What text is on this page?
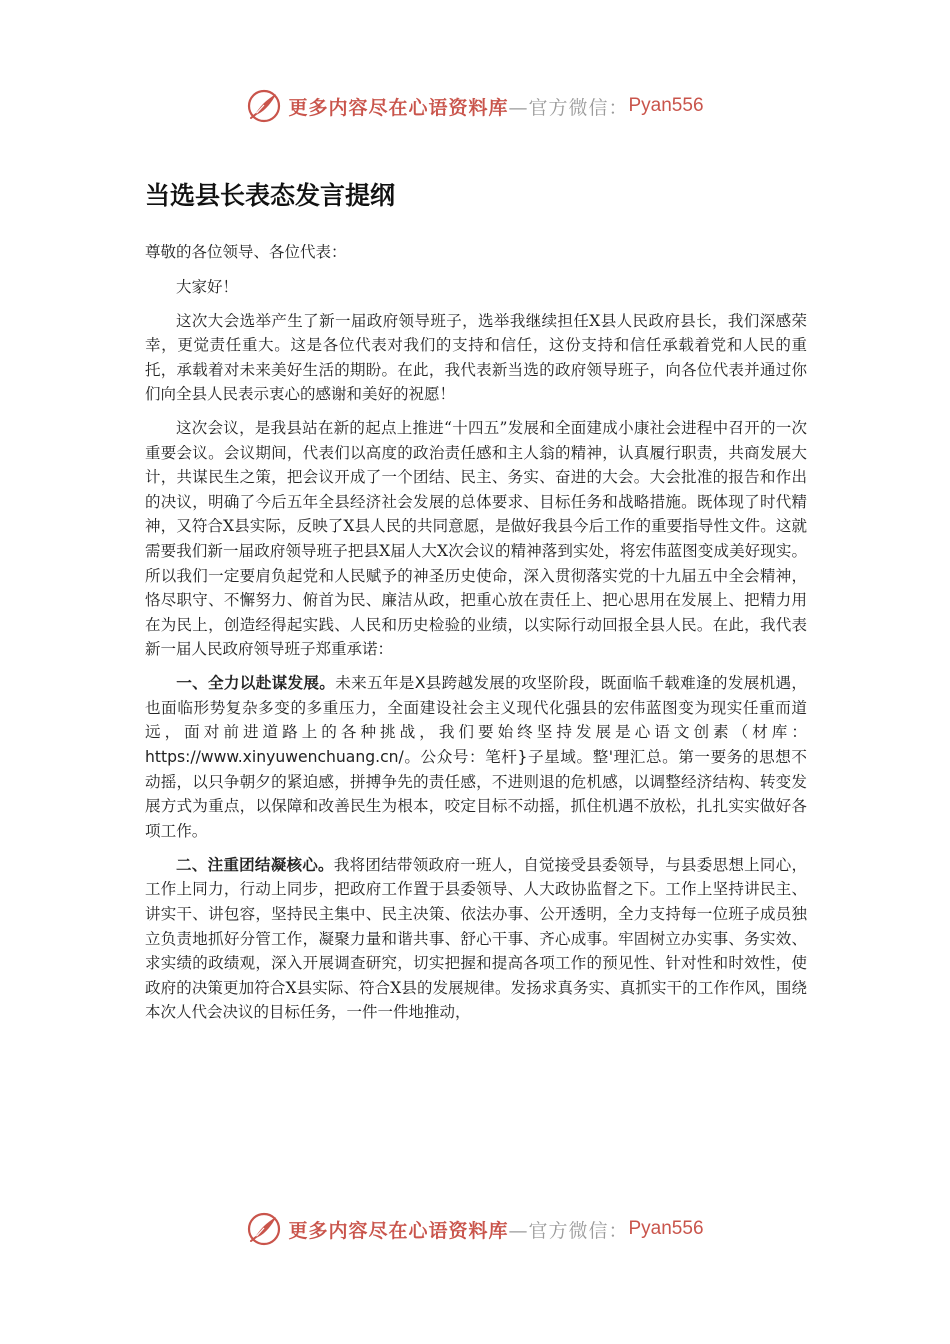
更多内容尽在心语资料库 —官方微信： Pyan556
当选县长表态发言提纲
尊敬的各位领导、各位代表：

大家好！

这次大会选举产生了新一届政府领导班子，选举我继续担任X县人民政府县长，我们深感荣幸，更觉责任重大。这是各位代表对我们的支持和信任，这份支持和信任承载着党和人民的重托，承载着对未来美好生活的期盼。在此，我代表新当选的政府领导班子，向各位代表并通过你们向全县人民表示衷心的感谢和美好的祝愿！

这次会议，是我县站在新的起点上推进“十四五”发展和全面建成小康社会进程中召开的一次重要会议。会议期间，代表们以高度的政治责任感和主人翁的精神，认真履行职责，共商发展大计，共谋民生之策，把会议开成了一个团结、民主、务实、奋进的大会。大会批准的报告和作出的决议，明确了今后五年全县经济社会发展的总体要求、目标任务和战略措施。既体现了时代精神，又符合X县实际，反映了X县人民的共同意愿，是做好我县今后工作的重要指导性文件。这就需要我们新一届政府领导班子把县X届人大X次会议的精神落到实处，将宏伟蓝图变成美好现实。所以我们一定要肩负起党和人民赋予的神圣历史使命，深入贯彻落实党的十九届五中全会精神，恪尽职守、不懈努力、俯首为民、廉洁从政，把重心放在责任上、把心思用在发展上、把精力用在为民上，创造经得起实践、人民和历史检验的业绩，以实际行动回报全县人民。在此，我代表新一届人民政府领导班子郑重承诺：

一、全力以赴谋发展。未来五年是X县跨越发展的攻坚阶段，既面临千载难逢的发展机遇，也面临形势复杂多变的多重压力，全面建设社会主义现代化强县的宏伟蓝图变为现实任重而道远，面对前进道路上的各种挑战，我们要始终坚持发展是心语文创素（材库：https://www.xinyuwenchuang.cn/。公众号：笔杆}子星域。整'理汇总。第一要务的思想不动摇，以只争朝夕的紧迫感，拼搏争先的责任感，不进则退的危机感，以调整经济结构、转变发展方式为重点，以保障和改善民生为根本，咬定目标不动摇，抓住机遇不放松，扎扎实实做好各项工作。

二、注重团结凝核心。我将团结带领政府一班人，自觉接受县委领导，与县委思想上同心，工作上同力，行动上同步，把政府工作置于县委领导、人大政协监督之下。工作上坚持讲民主、讲实干、讲包容，坚持民主集中、民主决策、依法办事、公开透明，全力支持每一位班子成员独立负责地抓好分管工作，凝聚力量和谐共事、舒心干事、齐心成事。牢固树立办实事、务实效、求实绩的政绩观，深入开展调查研究，切实把握和提高各项工作的预见性、针对性和时效性，使政府的决策更加符合X县实际、符合X县的发展规律。发扬求真务实、真抓实干的工作作风，围绕本次人代会决议的目标任务，一件一件地推动，

更多内容尽在心语资料库 —官方微信： Pyan556
